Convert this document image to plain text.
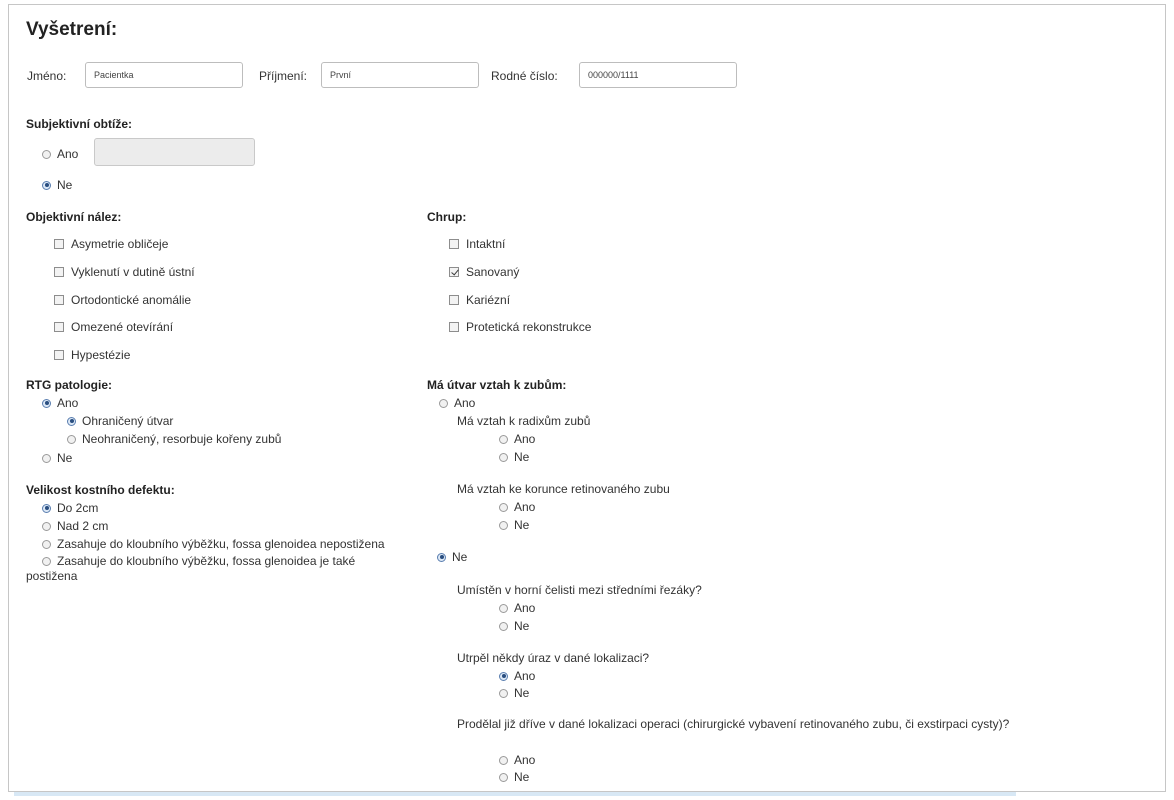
Vyšetrení:
Jméno:
Pacientka	Příjmení:
První	Rodné číslo:
000000/1111
Subjektivní obtíže:
Ano
Ne
Objektivní nález:
Asymetrie obličeje
Vyklenutí v dutině ústní
Ortodontické anomálie
Omezené otevírání
Hypestézie
Chrup:
Intaktní
Sanovaný
Kariézní
Protetická rekonstrukce
RTG patologie:
Ano
Ohraničený útvar
Neohraničený, resorbuje kořeny zubů
Ne
Velikost kostního defektu:
Do 2cm
Nad 2 cm
Zasahuje do kloubního výběžku, fossa glenoidea nepostižena
Zasahuje do kloubního výběžku, fossa glenoidea je také postižena
Má útvar vztah k zubům:
Ano
Má vztah k radixům zubů
Ano
Ne
Má vztah ke korunce retinovaného zubu
Ano
Ne
Ne
Umístěn v horní čelisti mezi středními řezáky?
Ano
Ne
Utrpěl někdy úraz v dané lokalizaci?
Ano
Ne
Prodělal již dříve v dané lokalizaci operaci (chirurgické vybavení retinovaného zubu, či exstirpaci cysty)?
Ano
Ne
